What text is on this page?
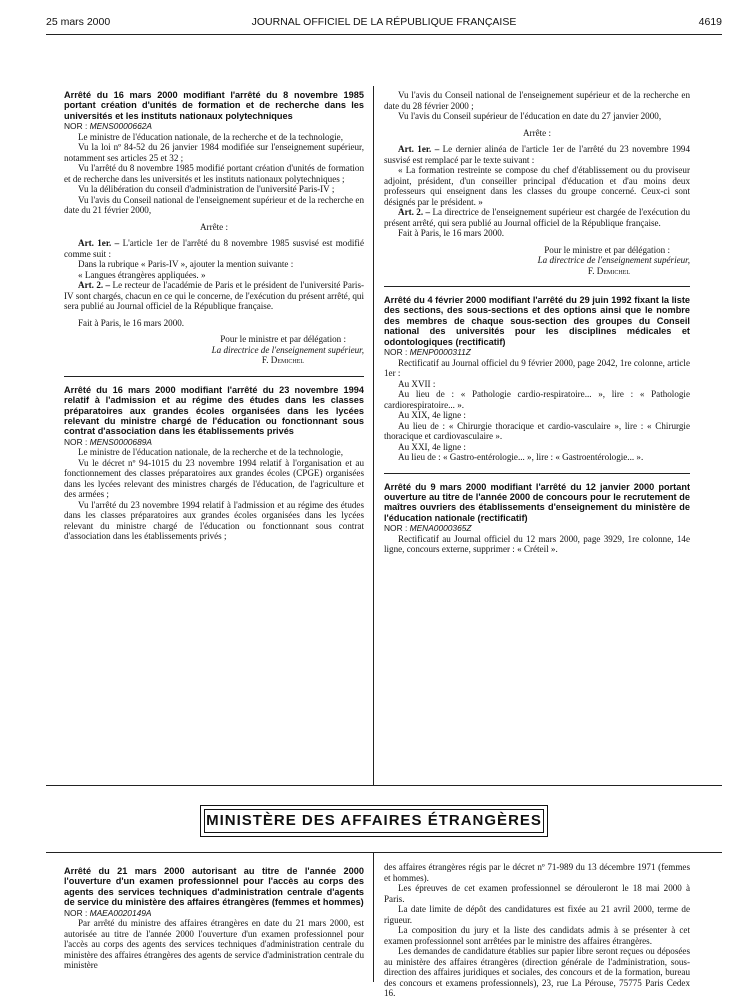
25 mars 2000	JOURNAL OFFICIEL DE LA RÉPUBLIQUE FRANÇAISE	4619

Arrêté du 16 mars 2000 modifiant l'arrêté du 8 novembre 1985 portant création d'unités de formation et de recherche dans les universités et les instituts nationaux polytechniques

NOR : MENS0000662A

Le ministre de l'éducation nationale, de la recherche et de la technologie,

Vu la loi nº 84-52 du 26 janvier 1984 modifiée sur l'enseignement supérieur, notamment ses articles 25 et 32 ;

Vu l'arrêté du 8 novembre 1985 modifié portant création d'unités de formation et de recherche dans les universités et les instituts nationaux polytechniques ;

Vu la délibération du conseil d'administration de l'université Paris-IV ;

Vu l'avis du Conseil national de l'enseignement supérieur et de la recherche en date du 21 février 2000,

Arrête :

Art. 1er. – L'article 1er de l'arrêté du 8 novembre 1985 susvisé est modifié comme suit :

Dans la rubrique « Paris-IV », ajouter la mention suivante :

« Langues étrangères appliquées. »

Art. 2. – Le recteur de l'académie de Paris et le président de l'université Paris-IV sont chargés, chacun en ce qui le concerne, de l'exécution du présent arrêté, qui sera publié au Journal officiel de la République française.

Fait à Paris, le 16 mars 2000.

Pour le ministre et par délégation :

La directrice de l'enseignement supérieur,

F. Demichel

Arrêté du 16 mars 2000 modifiant l'arrêté du 23 novembre 1994 relatif à l'admission et au régime des études dans les classes préparatoires aux grandes écoles organisées dans les lycées relevant du ministre chargé de l'éducation ou fonctionnant sous contrat d'association dans les établissements privés

NOR : MENS0000689A

Le ministre de l'éducation nationale, de la recherche et de la technologie,

Vu le décret nº 94-1015 du 23 novembre 1994 relatif à l'organisation et au fonctionnement des classes préparatoires aux grandes écoles (CPGE) organisées dans les lycées relevant des ministres chargés de l'éducation, de l'agriculture et des armées ;

Vu l'arrêté du 23 novembre 1994 relatif à l'admission et au régime des études dans les classes préparatoires aux grandes écoles organisées dans les lycées relevant du ministre chargé de l'éducation ou fonctionnant sous contrat d'association dans les établissements privés ;

Vu l'avis du Conseil national de l'enseignement supérieur et de la recherche en date du 28 février 2000 ;

Vu l'avis du Conseil supérieur de l'éducation en date du 27 janvier 2000,

Arrête :

Art. 1er. – Le dernier alinéa de l'article 1er de l'arrêté du 23 novembre 1994 susvisé est remplacé par le texte suivant :

« La formation restreinte se compose du chef d'établissement ou du proviseur adjoint, président, d'un conseiller principal d'éducation et d'au moins deux professeurs qui enseignent dans les classes du groupe concerné. Ceux-ci sont désignés par le président. »

Art. 2. – La directrice de l'enseignement supérieur est chargée de l'exécution du présent arrêté, qui sera publié au Journal officiel de la République française.

Fait à Paris, le 16 mars 2000.

Pour le ministre et par délégation :

La directrice de l'enseignement supérieur,

F. Demichel

Arrêté du 4 février 2000 modifiant l'arrêté du 29 juin 1992 fixant la liste des sections, des sous-sections et des options ainsi que le nombre des membres de chaque sous-section des groupes du Conseil national des universités pour les disciplines médicales et odontologiques (rectificatif)

NOR : MENP0000311Z

Rectificatif au Journal officiel du 9 février 2000, page 2042, 1re colonne, article 1er :

Au XVII :

Au lieu de : « Pathologie cardio-respiratoire... », lire : « Pathologie cardiorespiratoire... ».

Au XIX, 4e ligne :

Au lieu de : « Chirurgie thoracique et cardio-vasculaire », lire : « Chirurgie thoracique et cardiovasculaire ».

Au XXI, 4e ligne :

Au lieu de : « Gastro-entérologie... », lire : « Gastroentérologie... ».

Arrêté du 9 mars 2000 modifiant l'arrêté du 12 janvier 2000 portant ouverture au titre de l'année 2000 de concours pour le recrutement de maîtres ouvriers des établissements d'enseignement du ministère de l'éducation nationale (rectificatif)

NOR : MENA0000365Z

Rectificatif au Journal officiel du 12 mars 2000, page 3929, 1re colonne, 14e ligne, concours externe, supprimer : « Créteil ».

MINISTÈRE DES AFFAIRES ÉTRANGÈRES

Arrêté du 21 mars 2000 autorisant au titre de l'année 2000 l'ouverture d'un examen professionnel pour l'accès au corps des agents des services techniques d'administration centrale d'agents de service du ministère des affaires étrangères (femmes et hommes)

NOR : MAEA0020149A

Par arrêté du ministre des affaires étrangères en date du 21 mars 2000, est autorisée au titre de l'année 2000 l'ouverture d'un examen professionnel pour l'accès au corps des agents des services techniques d'administration centrale du ministère des affaires étrangères des agents de service d'administration centrale du ministère

des affaires étrangères régis par le décret nº 71-989 du 13 décembre 1971 (femmes et hommes).

Les épreuves de cet examen professionnel se dérouleront le 18 mai 2000 à Paris.

La date limite de dépôt des candidatures est fixée au 21 avril 2000, terme de rigueur.

La composition du jury et la liste des candidats admis à se présenter à cet examen professionnel sont arrêtées par le ministre des affaires étrangères.

Les demandes de candidature établies sur papier libre seront reçues ou déposées au ministère des affaires étrangères (direction générale de l'administration, sous-direction des affaires juridiques et sociales, des concours et de la formation, bureau des concours et examens professionnels), 23, rue La Pérouse, 75775 Paris Cedex 16.
